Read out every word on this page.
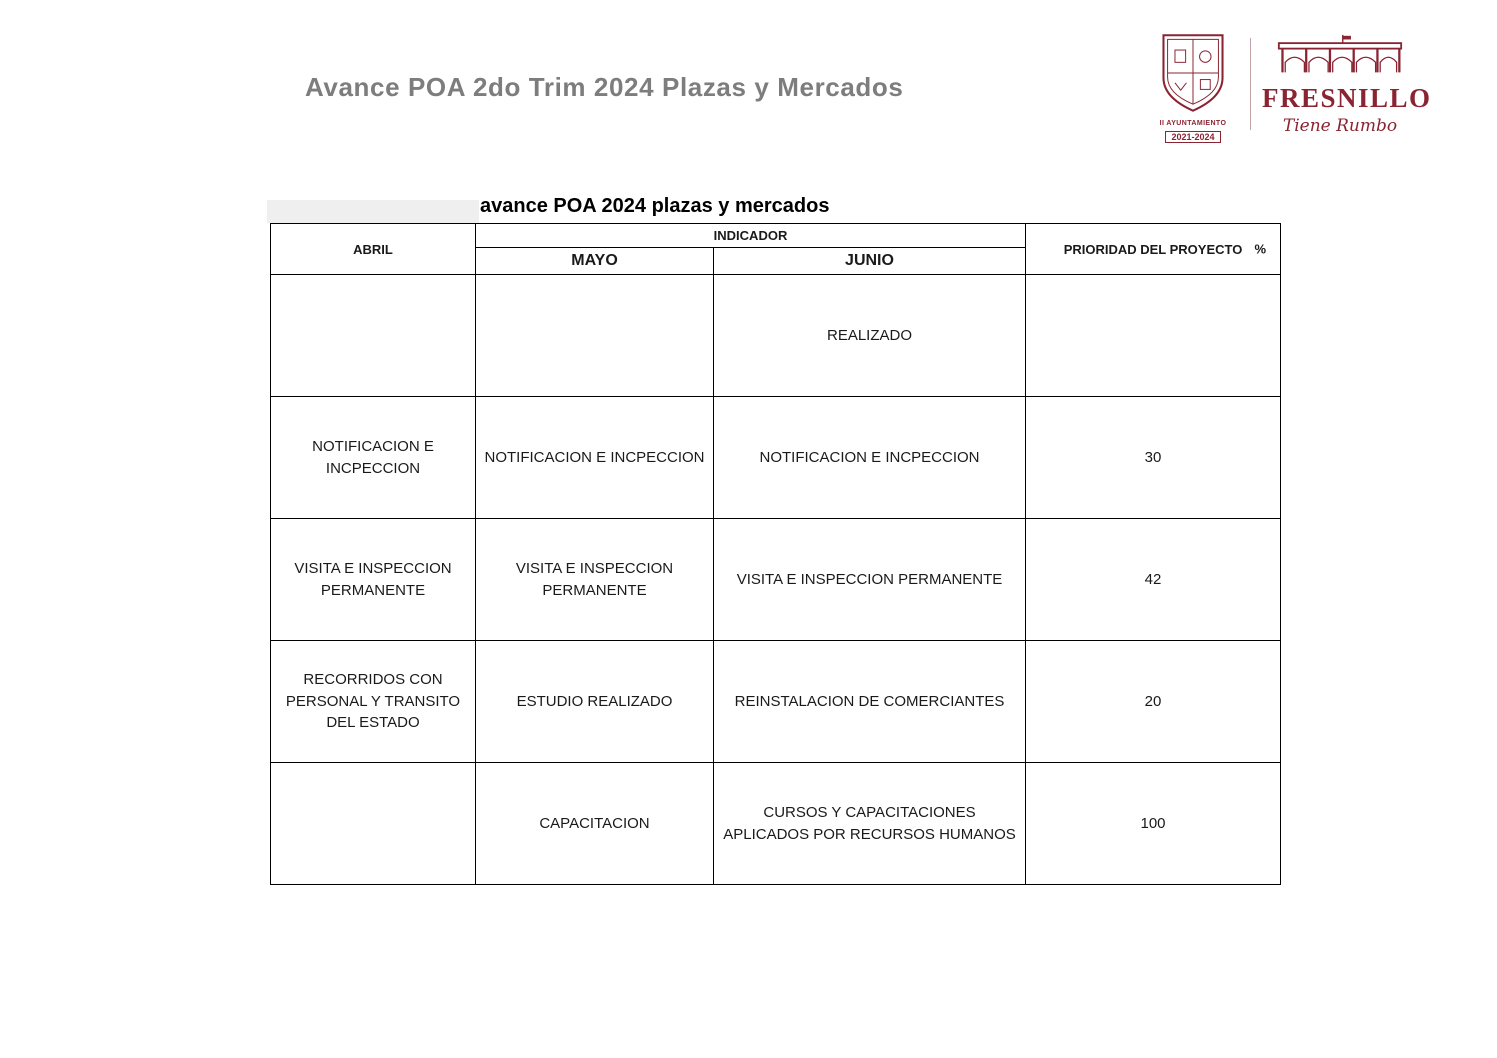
Avance POA 2do Trim 2024 Plazas y Mercados
II AYUNTAMIENTO
2021-2024
FRESNILLO
Tiene Rumbo
avance POA 2024 plazas y mercados
ABRIL	INDICADOR		PRIORIDAD DEL PROYECTO %

	MAYO	JUNIO	
		REALIZADO	
NOTIFICACION E INCPECCION	NOTIFICACION E INCPECCION	NOTIFICACION E INCPECCION	30
VISITA E INSPECCION PERMANENTE	VISITA E INSPECCION PERMANENTE	VISITA E INSPECCION PERMANENTE	42
RECORRIDOS CON PERSONAL Y TRANSITO DEL ESTADO	ESTUDIO REALIZADO	REINSTALACION DE COMERCIANTES	20
	CAPACITACION	CURSOS Y CAPACITACIONES APLICADOS POR RECURSOS HUMANOS	100
